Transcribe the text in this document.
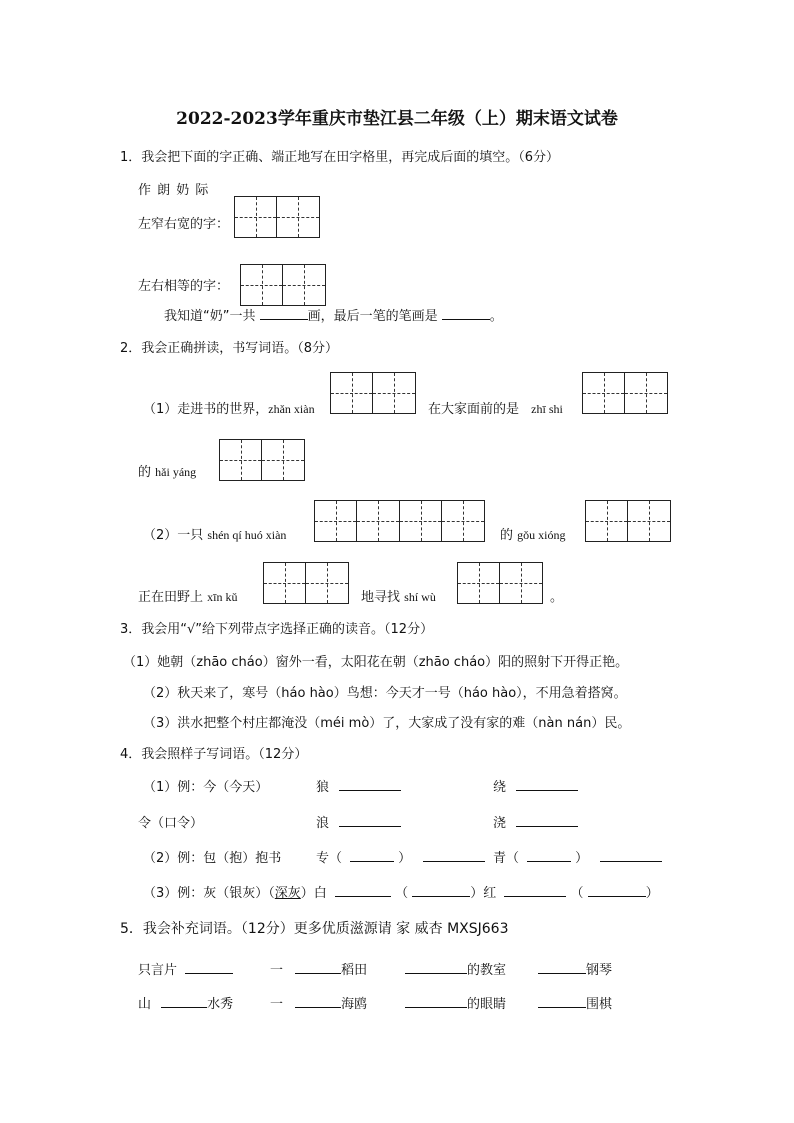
2022-2023学年重庆市垫江县二年级（上）期末语文试卷
1．我会把下面的字正确、端正地写在田字格里，再完成后面的填空。（6分）
作 朗 奶 际
左窄右宽的字：
左右相等的字：
我知道“奶”一共	画，最后一笔的笔画是	。
2．我会正确拼读，书写词语。（8分）
（1）走进书的世界，zhǎn xiàn	在大家面前的是 zhī shi
的 hǎi yáng
（2）一只 shén qí huó xiàn	的 gǒu xióng
正在田野上 xīn kǔ	地寻找 shí wù	。
3．我会用“√”给下列带点字选择正确的读音。（12分）
（1）她朝（zhāo cháo）窗外一看，太阳花在朝（zhāo cháo）阳的照射下开得正艳。
（2）秋天来了，寒号（háo hào）鸟想：今天才一号（háo hào），不用急着搭窝。
（3）洪水把整个村庄都淹没（méi mò）了，大家成了没有家的难（nàn nán）民。
4．我会照样子写词语。（12分）
（1）例：今（今天）	狼	绕
令（口令）	浪	浇
（2）例：包（抱）抱书	专（	）	青（	）
（3）例：灰（银灰）（深灰）白	（	）红	（	）
5．我会补充词语。（12分）更多优质滋源请 家 威杏 MXSJ663
只言片	一	稻田	的教室	钢琴
山	水秀	一	海鸥	的眼睛	围棋
